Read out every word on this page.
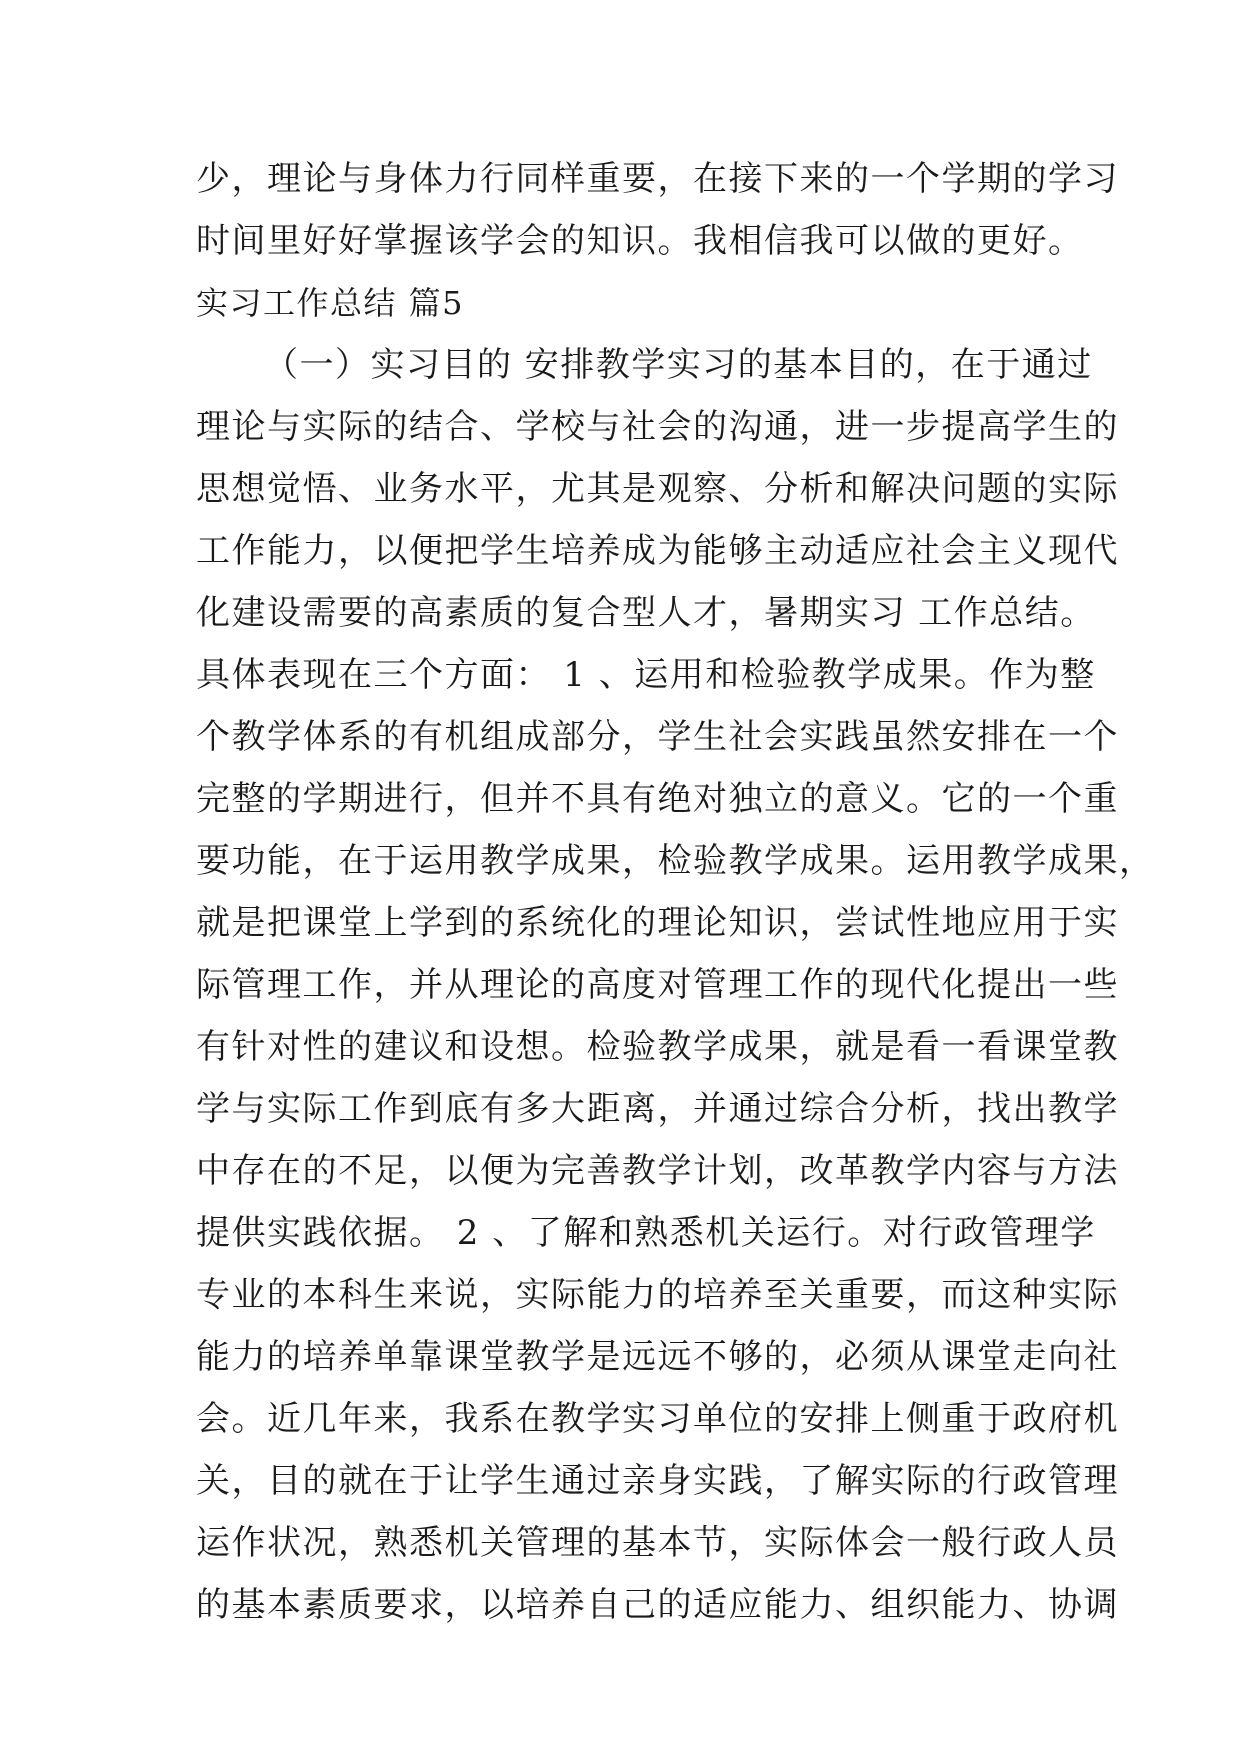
少，理论与身体力行同样重要，在接下来的一个学期的学习
时间里好好掌握该学会的知识。我相信我可以做的更好。
实习工作总结 篇5
（一）实习目的 安排教学实习的基本目的，在于通过
理论与实际的结合、学校与社会的沟通，进一步提高学生的
思想觉悟、业务水平，尤其是观察、分析和解决问题的实际
工作能力，以便把学生培养成为能够主动适应社会主义现代
化建设需要的高素质的复合型人才，暑期实习 工作总结。
具体表现在三个方面： 1 、运用和检验教学成果。作为整
个教学体系的有机组成部分，学生社会实践虽然安排在一个
完整的学期进行，但并不具有绝对独立的意义。它的一个重
要功能，在于运用教学成果，检验教学成果。运用教学成果，
就是把课堂上学到的系统化的理论知识，尝试性地应用于实
际管理工作，并从理论的高度对管理工作的现代化提出一些
有针对性的建议和设想。检验教学成果，就是看一看课堂教
学与实际工作到底有多大距离，并通过综合分析，找出教学
中存在的不足，以便为完善教学计划，改革教学内容与方法
提供实践依据。 2 、了解和熟悉机关运行。对行政管理学
专业的本科生来说，实际能力的培养至关重要，而这种实际
能力的培养单靠课堂教学是远远不够的，必须从课堂走向社
会。近几年来，我系在教学实习单位的安排上侧重于政府机
关，目的就在于让学生通过亲身实践，了解实际的行政管理
运作状况，熟悉机关管理的基本节，实际体会一般行政人员
的基本素质要求，以培养自己的适应能力、组织能力、协调
